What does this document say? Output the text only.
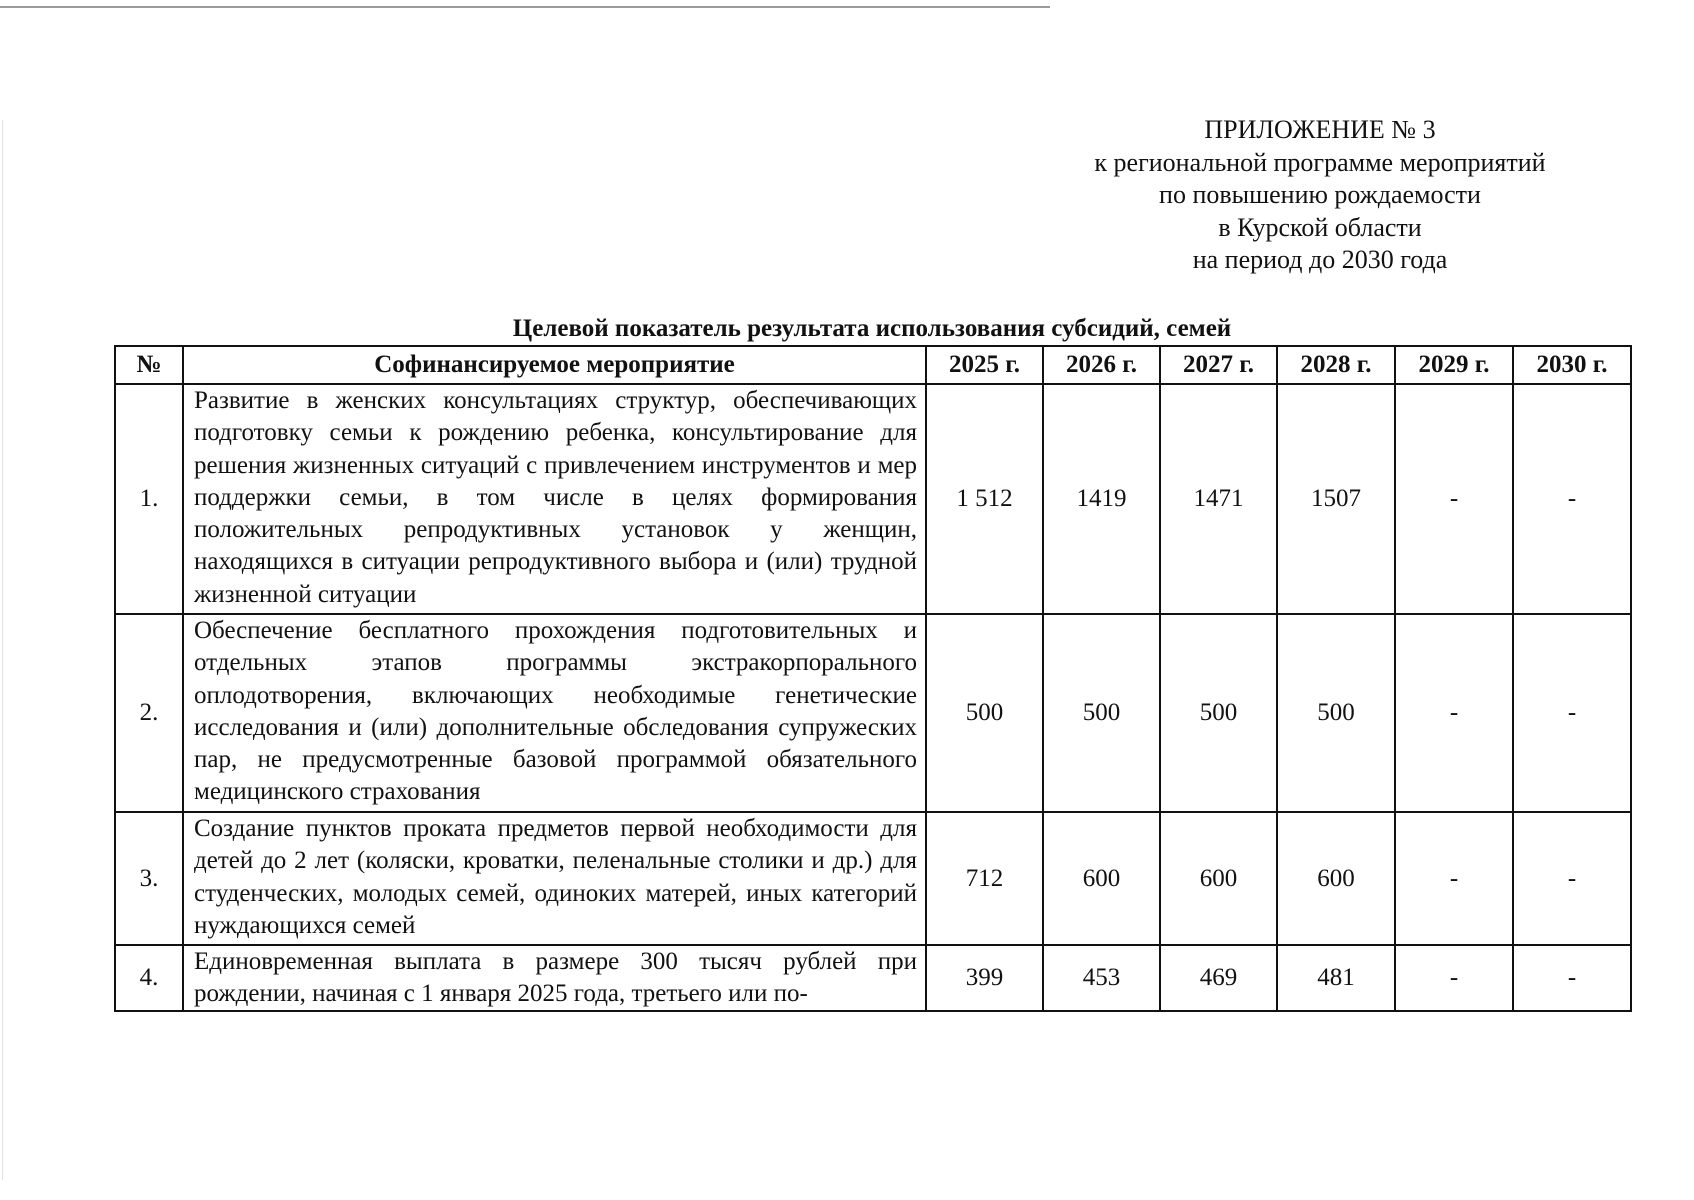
ПРИЛОЖЕНИЕ № 3
к региональной программе мероприятий
по повышению рождаемости
в Курской области
на период до 2030 года
Целевой показатель результата использования субсидий, семей
№	Софинансируемое мероприятие	2025 г.	2026 г.	2027 г.	2028 г.	2029 г.	2030 г.
1.	Развитие в женских консультациях структур, обеспечивающих подготовку семьи к рождению ребенка, консультирование для решения жизненных ситуаций с привлечением инструментов и мер поддержки семьи, в том числе в целях формирования положительных репродуктивных установок у женщин, находящихся в ситуации репродуктивного выбора и (или) трудной жизненной ситуации	1 512	1419	1471	1507	-	-
2.	Обеспечение бесплатного прохождения подготовительных и отдельных этапов программы экстракорпорального оплодотворения, включающих необходимые генетические исследования и (или) дополнительные обследования супружеских пар, не предусмотренные базовой программой обязательного медицинского страхования	500	500	500	500	-	-
3.	Создание пунктов проката предметов первой необходимости для детей до 2 лет (коляски, кроватки, пеленальные столики и др.) для студенческих, молодых семей, одиноких матерей, иных категорий нуждающихся семей	712	600	600	600	-	-
4.	Единовременная выплата в размере 300 тысяч рублей при рождении, начиная с 1 января 2025 года, третьего или по-	399	453	469	481	-	-
